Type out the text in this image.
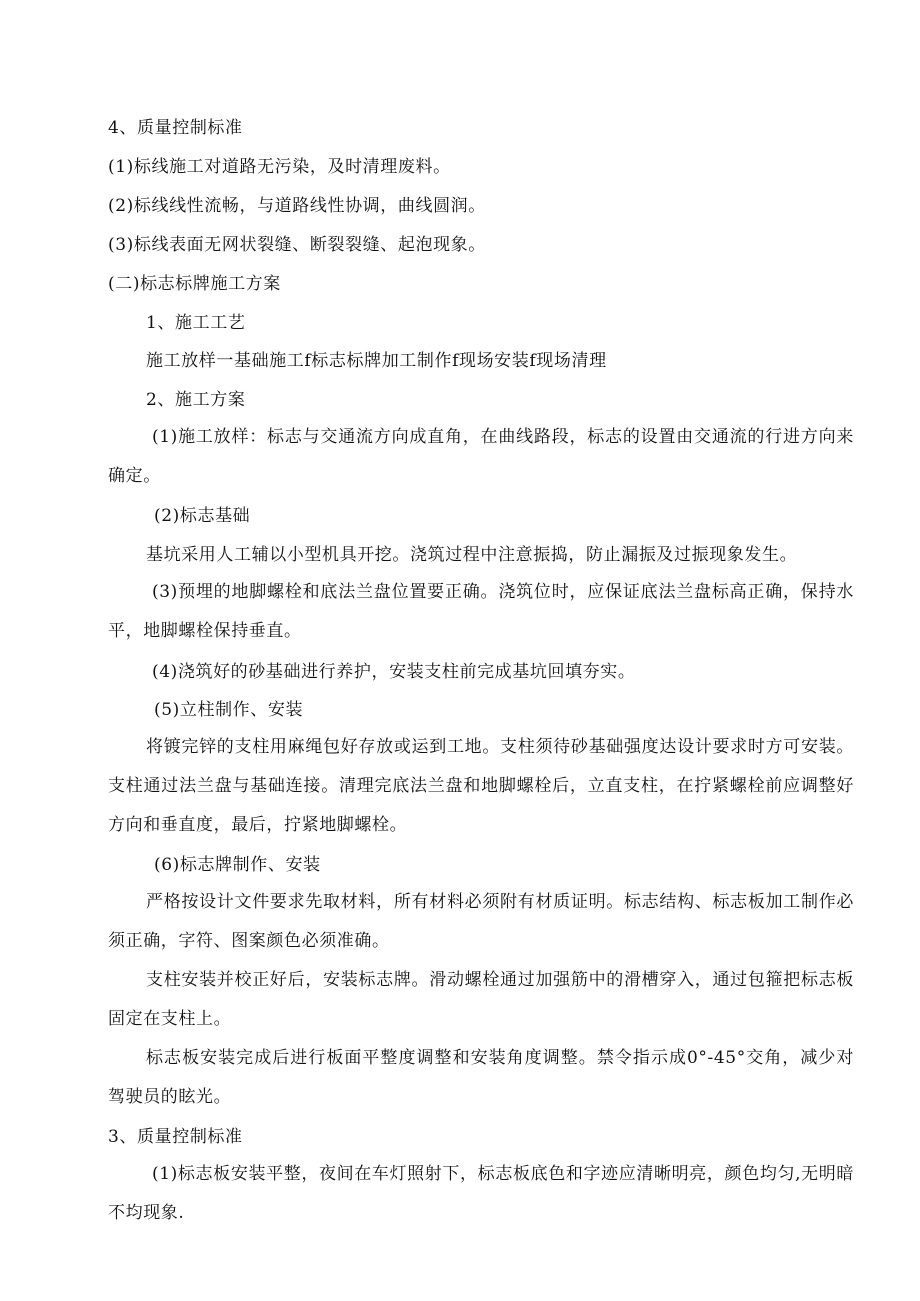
4、质量控制标准
(1)标线施工对道路无污染，及时清理废料。
(2)标线线性流畅，与道路线性协调，曲线圆润。
(3)标线表面无网状裂缝、断裂裂缝、起泡现象。
(二)标志标牌施工方案
1、施工工艺
施工放样一基础施工f标志标牌加工制作f现场安装f现场清理
2、施工方案
(1)施工放样：标志与交通流方向成直角，在曲线路段，标志的设置由交通流的行进方向来确定。
(2)标志基础
基坑采用人工辅以小型机具开挖。浇筑过程中注意振捣，防止漏振及过振现象发生。
(3)预埋的地脚螺栓和底法兰盘位置要正确。浇筑位时，应保证底法兰盘标高正确，保持水平，地脚螺栓保持垂直。
(4)浇筑好的砂基础进行养护，安装支柱前完成基坑回填夯实。
(5)立柱制作、安装
将镀完锌的支柱用麻绳包好存放或运到工地。支柱须待砂基础强度达设计要求时方可安装。支柱通过法兰盘与基础连接。清理完底法兰盘和地脚螺栓后，立直支柱，在拧紧螺栓前应调整好方向和垂直度，最后，拧紧地脚螺栓。
(6)标志牌制作、安装
严格按设计文件要求先取材料，所有材料必须附有材质证明。标志结构、标志板加工制作必须正确，字符、图案颜色必须准确。
支柱安装并校正好后，安装标志牌。滑动螺栓通过加强筋中的滑槽穿入，通过包箍把标志板固定在支柱上。
标志板安装完成后进行板面平整度调整和安装角度调整。禁令指示成0°-45°交角，减少对驾驶员的眩光。
3、质量控制标准
(1)标志板安装平整，夜间在车灯照射下，标志板底色和字迹应清晰明亮，颜色均匀,无明暗不均现象.
